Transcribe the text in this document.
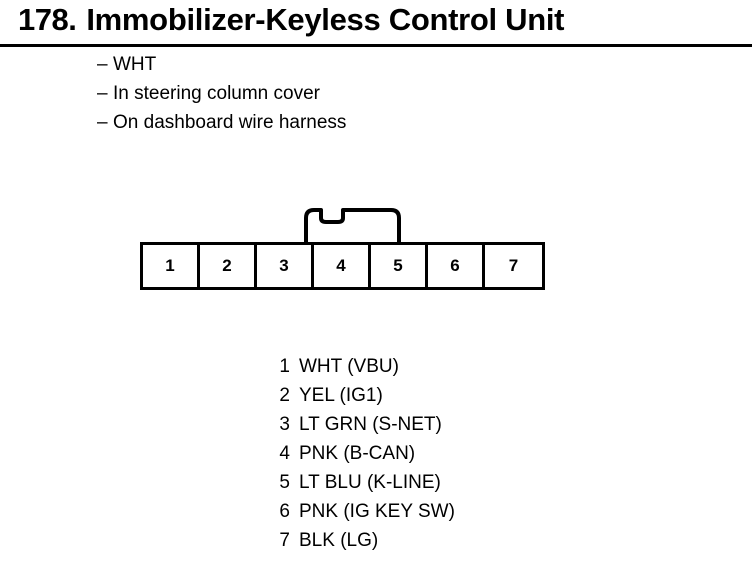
178. Immobilizer-Keyless Control Unit
– WHT
– In steering column cover
– On dashboard wire harness
1	2	3	4	5	6	7
1 WHT (VBU)
2 YEL (IG1)
3 LT GRN (S-NET)
4 PNK (B-CAN)
5 LT BLU (K-LINE)
6 PNK (IG KEY SW)
7 BLK (LG)
